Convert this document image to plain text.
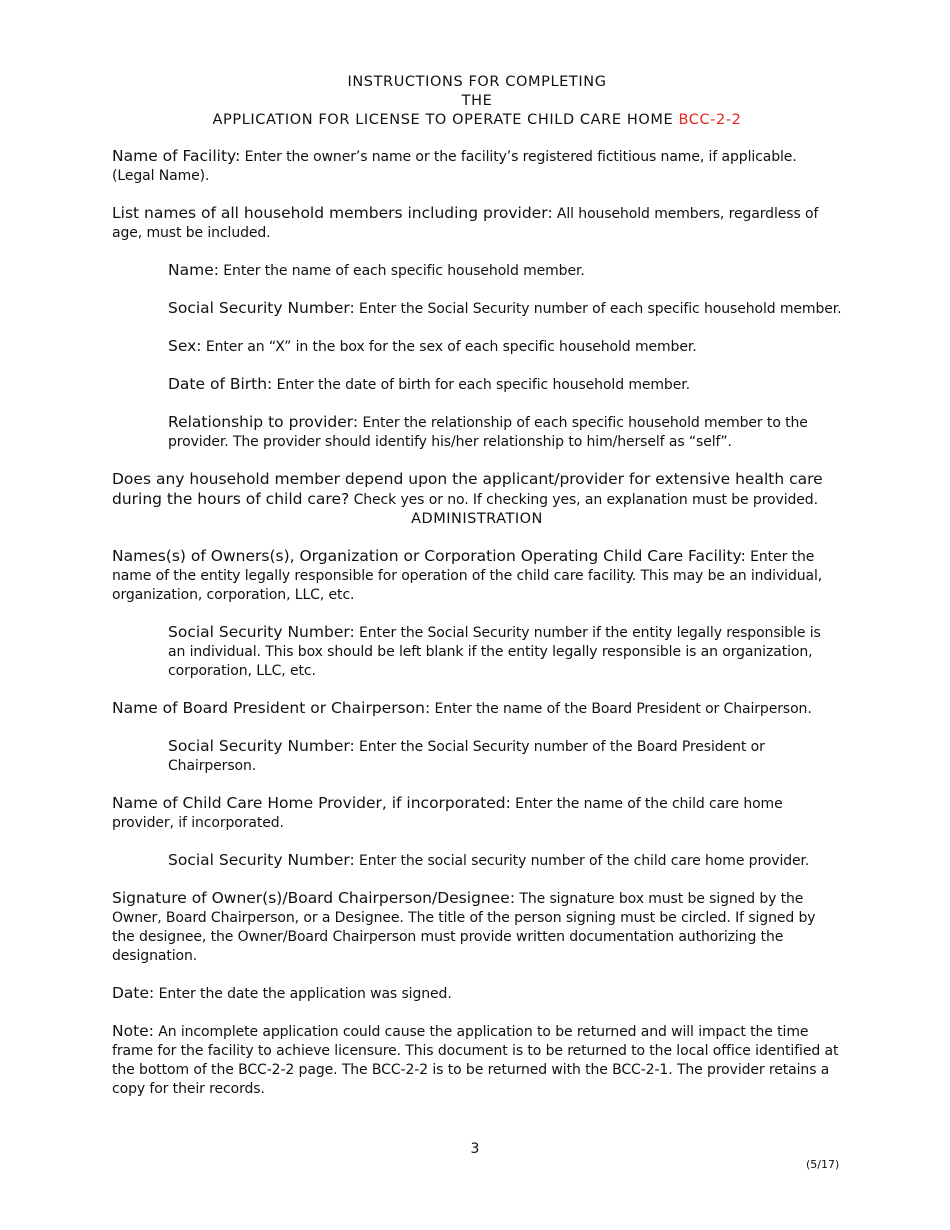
INSTRUCTIONS FOR COMPLETING

THE

APPLICATION FOR LICENSE TO OPERATE CHILD CARE HOME BCC-2-2

Name of Facility: Enter the owner’s name or the facility’s registered fictitious name, if applicable. (Legal Name).

List names of all household members including provider: All household members, regardless of age, must be included.

Name: Enter the name of each specific household member.

Social Security Number: Enter the Social Security number of each specific household member.

Sex: Enter an “X” in the box for the sex of each specific household member.

Date of Birth: Enter the date of birth for each specific household member.

Relationship to provider: Enter the relationship of each specific household member to the provider. The provider should identify his/her relationship to him/herself as “self”.

Does any household member depend upon the applicant/provider for extensive health care during the hours of child care? Check yes or no. If checking yes, an explanation must be provided.

ADMINISTRATION

Names(s) of Owners(s), Organization or Corporation Operating Child Care Facility: Enter the name of the entity legally responsible for operation of the child care facility. This may be an individual, organization, corporation, LLC, etc.

Social Security Number: Enter the Social Security number if the entity legally responsible is an individual. This box should be left blank if the entity legally responsible is an organization, corporation, LLC, etc.

Name of Board President or Chairperson: Enter the name of the Board President or Chairperson.

Social Security Number: Enter the Social Security number of the Board President or Chairperson.

Name of Child Care Home Provider, if incorporated: Enter the name of the child care home provider, if incorporated.

Social Security Number: Enter the social security number of the child care home provider.

Signature of Owner(s)/Board Chairperson/Designee: The signature box must be signed by the Owner, Board Chairperson, or a Designee. The title of the person signing must be circled. If signed by the designee, the Owner/Board Chairperson must provide written documentation authorizing the designation.

Date: Enter the date the application was signed.

Note: An incomplete application could cause the application to be returned and will impact the time frame for the facility to achieve licensure. This document is to be returned to the local office identified at the bottom of the BCC-2-2 page. The BCC-2-2 is to be returned with the BCC-2-1. The provider retains a copy for their records.

3
(5/17)
